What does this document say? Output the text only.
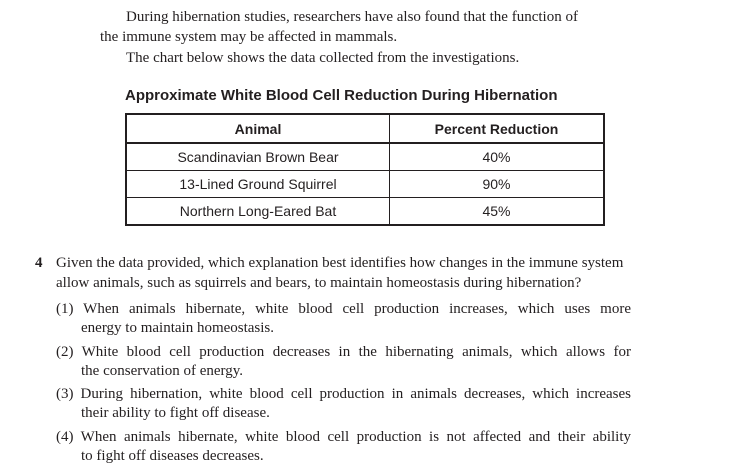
During hibernation studies, researchers have also found that the function of
the immune system may be affected in mammals.
The chart below shows the data collected from the investigations.
Approximate White Blood Cell Reduction During Hibernation
Animal	Percent Reduction
Scandinavian Brown Bear	40%
13-Lined Ground Squirrel	90%
Northern Long-Eared Bat	45%
4 Given the data provided, which explanation best identifies how changes in the immune system
allow animals, such as squirrels and bears, to maintain homeostasis during hibernation?
(1) When animals hibernate, white blood cell production increases, which uses more
energy to maintain homeostasis.
(2) White blood cell production decreases in the hibernating animals, which allows for
the conservation of energy.
(3) During hibernation, white blood cell production in animals decreases, which increases
their ability to fight off disease.
(4) When animals hibernate, white blood cell production is not affected and their ability
to fight off diseases decreases.
